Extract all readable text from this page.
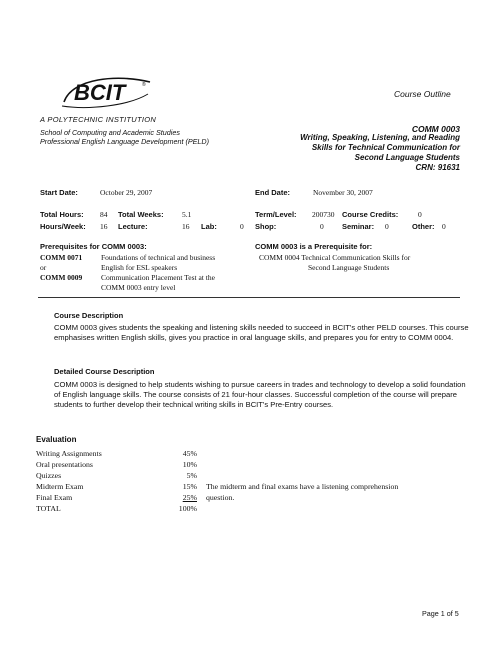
BCIT	®
A POLYTECHNIC INSTITUTION
School of Computing and Academic Studies
Professional English Language Development (PELD)
Course Outline
COMM 0003
Writing, Speaking, Listening, and Reading
Skills for Technical Communication for
Second Language Students
CRN: 91631
Start Date:	October 29, 2007	End Date:	November 30, 2007
Total Hours: 84 Total Weeks: 5.1	Term/Level: 200730 Course Credits:	0
Hours/Week: 16 Lecture:	16 Lab:	0 Shop:	0 Seminar: 0	Other: 0
Prerequisites for COMM 0003:
COMM 0071 Foundations of technical and business
or	English for ESL speakers
COMM 0009 Communication Placement Test at the
COMM 0003 entry level
COMM 0003 is a Prerequisite for:
COMM 0004 Technical Communication Skills for
Second Language Students
Course Description
COMM 0003 gives students the speaking and listening skills needed to succeed in BCIT's other PELD courses. This course emphasises written English skills, gives you practice in oral language skills, and prepares you for entry to COMM 0004.
Detailed Course Description
COMM 0003 is designed to help students wishing to pursue careers in trades and technology to develop a solid foundation of English language skills. The course consists of 21 four-hour classes. Successful completion of the course will prepare students to further develop their technical writing skills in BCIT's Pre-Entry courses.
Evaluation
Writing Assignments	45%
Oral presentations	10%
Quizzes	5%
Midterm Exam	15% The midterm and final exams have a listening comprehension
Final Exam	25% question.
TOTAL	100%
Page 1 of 5
